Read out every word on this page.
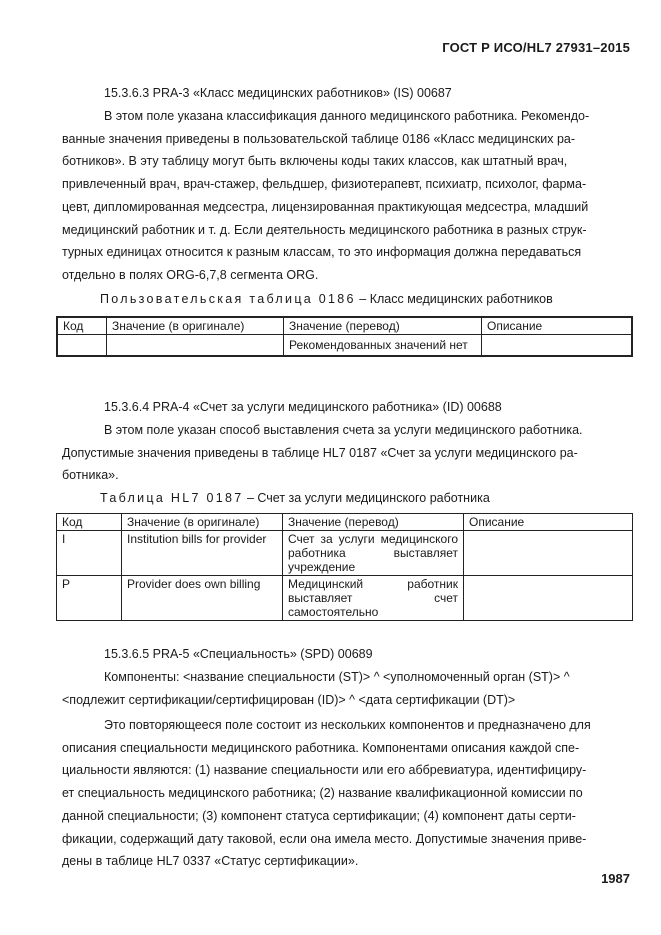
ГОСТ Р ИСО/HL7 27931–2015
15.3.6.3 PRA-3 «Класс медицинских работников» (IS) 00687
В этом поле указана классификация данного медицинского работника. Рекомендо-
ванные значения приведены в пользовательской таблице 0186 «Класс медицинских ра-
ботников». В эту таблицу могут быть включены коды таких классов, как штатный врач,
привлеченный врач, врач-стажер, фельдшер, физиотерапевт, психиатр, психолог, фарма-
цевт, дипломированная медсестра, лицензированная практикующая медсестра, младший
медицинский работник и т. д. Если деятельность медицинского работника в разных струк-
турных единицах относится к разным классам, то это информация должна передаваться
отдельно в полях ORG-6,7,8 сегмента ORG.
Пользовательская таблица 0186 – Класс медицинских работников
Код	Значение (в оригинале)	Значение (перевод)	Описание
		Рекомендованных значений нет	
15.3.6.4 PRA-4 «Счет за услуги медицинского работника» (ID) 00688
В этом поле указан способ выставления счета за услуги медицинского работника.
Допустимые значения приведены в таблице HL7 0187 «Счет за услуги медицинского ра-
ботника».
Таблица HL7 0187 – Счет за услуги медицинского работника
Код	Значение (в оригинале)	Значение (перевод)	Описание
I	Institution bills for provider	Счет за услуги медицинского работника выставляет учреждение	
P	Provider does own billing	Медицинский работник выставляет счет самостоятельно	
15.3.6.5 PRA-5 «Специальность» (SPD) 00689
Компоненты: <название специальности (ST)> ^ <уполномоченный орган (ST)> ^
<подлежит сертификации/сертифицирован (ID)> ^ <дата сертификации (DT)>
Это повторяющееся поле состоит из нескольких компонентов и предназначено для
описания специальности медицинского работника. Компонентами описания каждой спе-
циальности являются: (1) название специальности или его аббревиатура, идентифициру-
ет специальность медицинского работника; (2) название квалификационной комиссии по
данной специальности; (3) компонент статуса сертификации; (4) компонент даты серти-
фикации, содержащий дату таковой, если она имела место. Допустимые значения приве-
дены в таблице HL7 0337 «Статус сертификации».
1987
